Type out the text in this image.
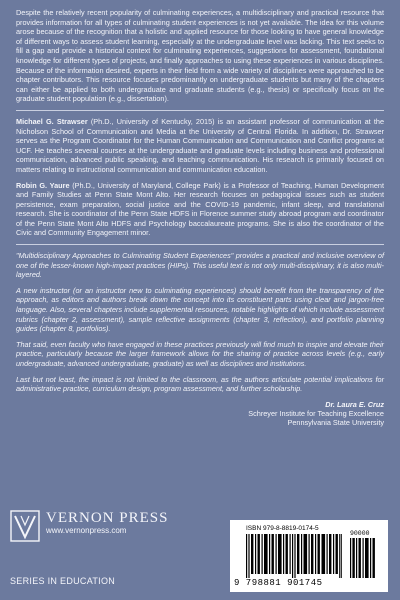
Despite the relatively recent popularity of culminating experiences, a multidisciplinary and practical resource that provides information for all types of culminating student experiences is not yet available. The idea for this volume arose because of the recognition that a holistic and applied resource for those looking to have general knowledge of different ways to assess student learning, especially at the undergraduate level was lacking. This text seeks to fill a gap and provide a historical context for culminating experiences, suggestions for assessment, foundational knowledge for different types of projects, and finally approaches to using these experiences in various disciplines. Because of the information desired, experts in their field from a wide variety of disciplines were approached to be chapter contributors. This resource focuses predominantly on undergraduate students but many of the chapters can either be applied to both undergraduate and graduate students (e.g., thesis) or specifically focus on the graduate student population (e.g., dissertation).

Michael G. Strawser (Ph.D., University of Kentucky, 2015) is an assistant professor of communication at the Nicholson School of Communication and Media at the University of Central Florida. In addition, Dr. Strawser serves as the Program Coordinator for the Human Communication and Communication and Conflict programs at UCF. He teaches several courses at the undergraduate and graduate levels including business and professional communication, advanced public speaking, and teaching communication. His research is primarily focused on matters relating to instructional communication and communication education.

Robin G. Yaure (Ph.D., University of Maryland, College Park) is a Professor of Teaching, Human Development and Family Studies at Penn State Mont Alto. Her research focuses on pedagogical issues such as student persistence, exam preparation, social justice and the COVID-19 pandemic, infant sleep, and translational research. She is coordinator of the Penn State HDFS in Florence summer study abroad program and coordinator of the Penn State Mont Alto HDFS and Psychology baccalaureate programs. She is also the coordinator of the Civic and Community Engagement minor.

"Multidisciplinary Approaches to Culminating Student Experiences" provides a practical and inclusive overview of one of the lesser-known high-impact practices (HIPs). This useful text is not only multi-disciplinary, it is also multi-layered.

A new instructor (or an instructor new to culminating experiences) should benefit from the transparency of the approach, as editors and authors break down the concept into its constituent parts using clear and jargon-free language. Also, several chapters include supplemental resources, notable highlights of which include assessment rubrics (chapter 2, assessment), sample reflective assignments (chapter 3, reflection), and portfolio planning guides (chapter 8, portfolios).

That said, even faculty who have engaged in these practices previously will find much to inspire and elevate their practice, particularly because the larger framework allows for the sharing of practice across levels (e.g., early undergraduate, advanced undergraduate, graduate) as well as disciplines and institutions.

Last but not least, the impact is not limited to the classroom, as the authors articulate potential implications for administrative practice, curriculum design, program assessment, and further scholarship.

Dr. Laura E. Cruz
Schreyer Institute for Teaching Excellence
Pennsylvania State University
VERNON PRESS
www.vernonpress.com
SERIES IN EDUCATION
ISBN 979-8-8819-0174-5
90000
9 798881 901745
